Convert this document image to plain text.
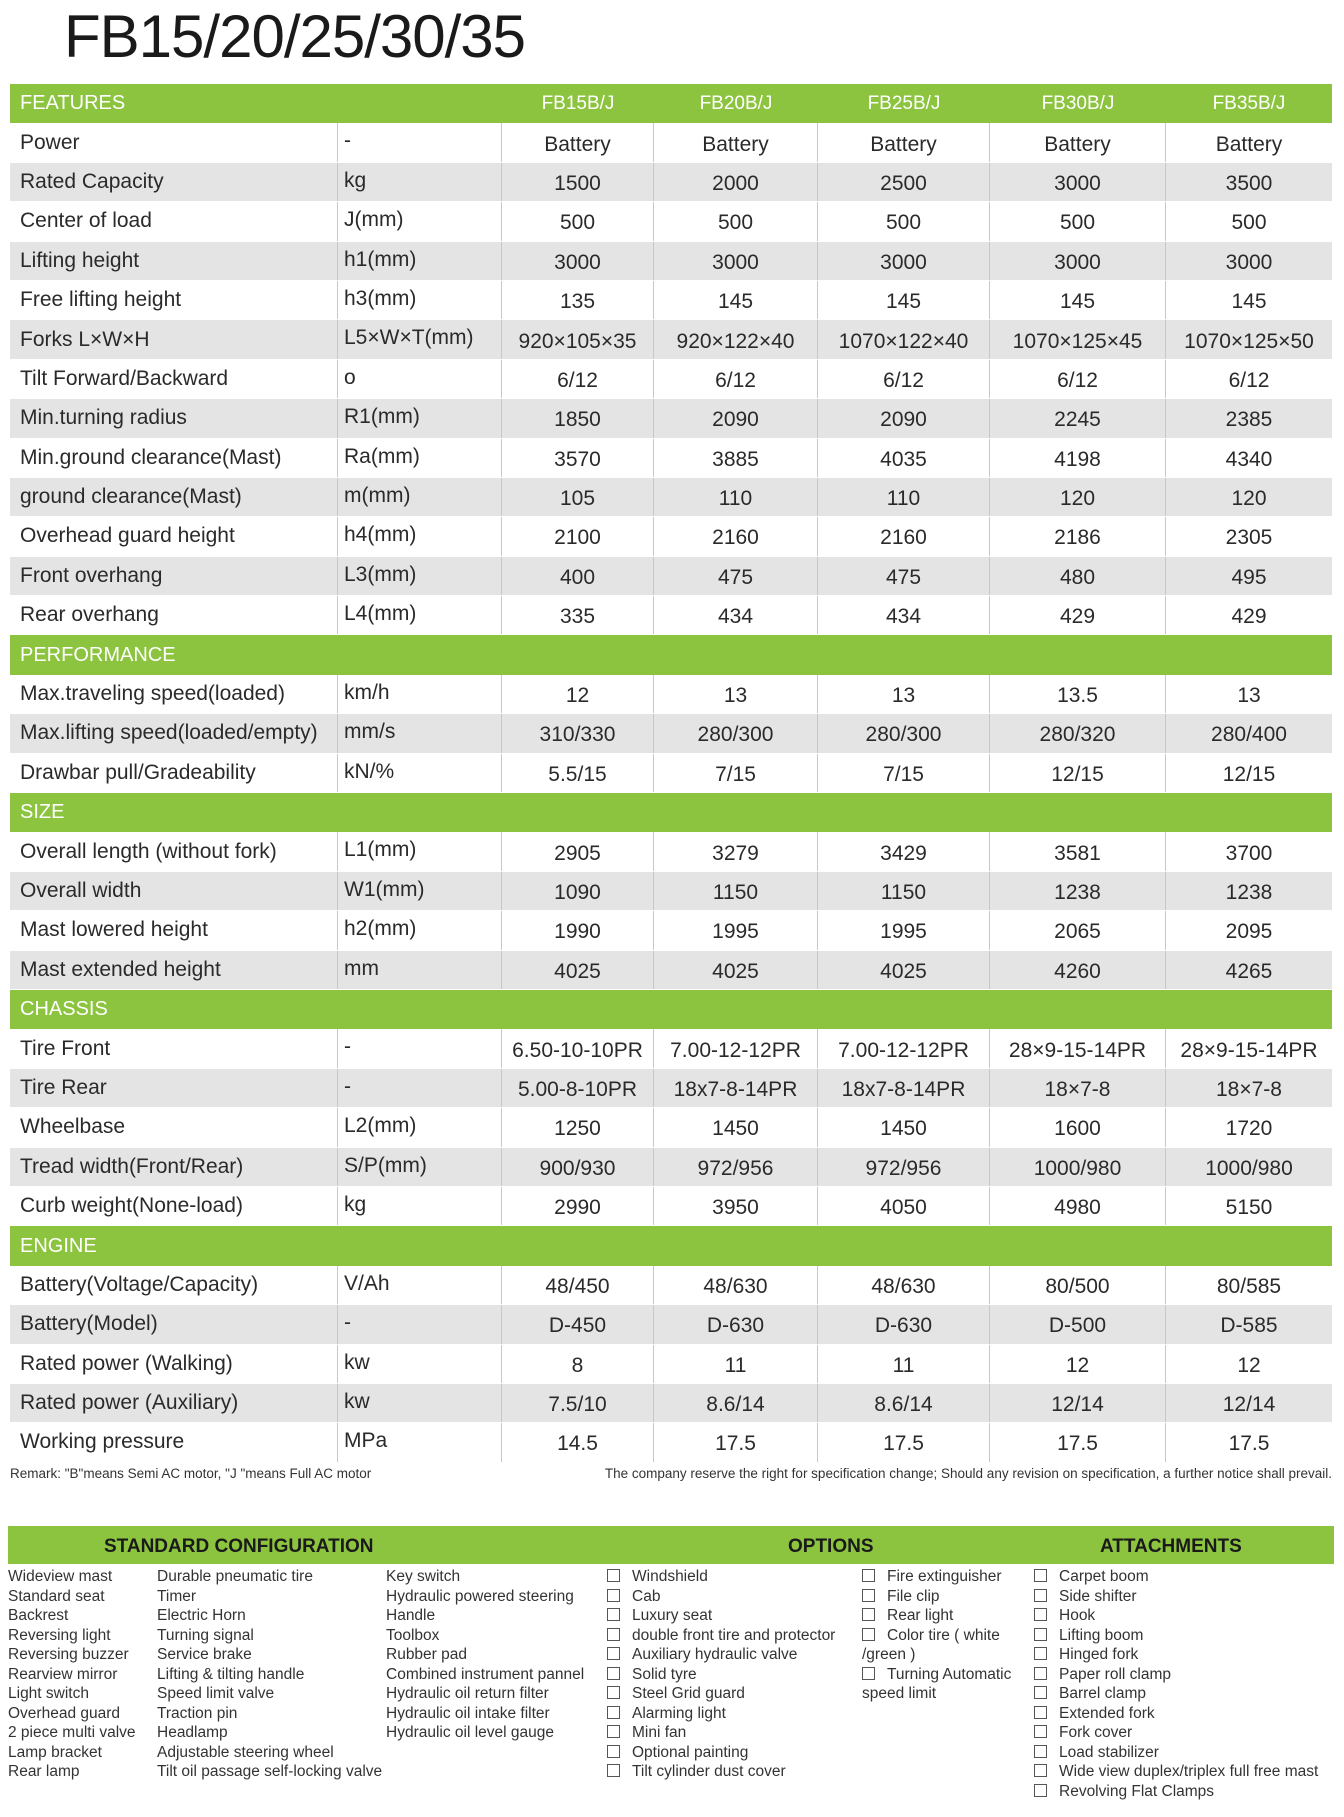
FB15/20/25/30/35
FEATURES	FB15B/J	FB20B/J	FB25B/J	FB30B/J	FB35B/J
Power	-	Battery	Battery	Battery	Battery	Battery
Rated Capacity	kg	1500	2000	2500	3000	3500
Center of load	J(mm)	500	500	500	500	500
Lifting height	h1(mm)	3000	3000	3000	3000	3000
Free lifting height	h3(mm)	135	145	145	145	145
Forks L×W×H	L5×W×T(mm)	920×105×35	920×122×40	1070×122×40	1070×125×45	1070×125×50
Tilt Forward/Backward	o	6/12	6/12	6/12	6/12	6/12
Min.turning radius	R1(mm)	1850	2090	2090	2245	2385
Min.ground clearance(Mast)	Ra(mm)	3570	3885	4035	4198	4340
ground clearance(Mast)	m(mm)	105	110	110	120	120
Overhead guard height	h4(mm)	2100	2160	2160	2186	2305
Front overhang	L3(mm)	400	475	475	480	495
Rear overhang	L4(mm)	335	434	434	429	429
PERFORMANCE
Max.traveling speed(loaded)	km/h	12	13	13	13.5	13
Max.lifting speed(loaded/empty)	mm/s	310/330	280/300	280/300	280/320	280/400
Drawbar pull/Gradeability	kN/%	5.5/15	7/15	7/15	12/15	12/15
SIZE
Overall length (without fork)	L1(mm)	2905	3279	3429	3581	3700
Overall width	W1(mm)	1090	1150	1150	1238	1238
Mast lowered height	h2(mm)	1990	1995	1995	2065	2095
Mast extended height	mm	4025	4025	4025	4260	4265
CHASSIS
Tire Front	-	6.50-10-10PR	7.00-12-12PR	7.00-12-12PR	28×9-15-14PR	28×9-15-14PR
Tire Rear	-	5.00-8-10PR	18x7-8-14PR	18x7-8-14PR	18×7-8	18×7-8
Wheelbase	L2(mm)	1250	1450	1450	1600	1720
Tread width(Front/Rear)	S/P(mm)	900/930	972/956	972/956	1000/980	1000/980
Curb weight(None-load)	kg	2990	3950	4050	4980	5150
ENGINE
Battery(Voltage/Capacity)	V/Ah	48/450	48/630	48/630	80/500	80/585
Battery(Model)	-	D-450	D-630	D-630	D-500	D-585
Rated power (Walking)	kw	8	11	11	12	12
Rated power (Auxiliary)	kw	7.5/10	8.6/14	8.6/14	12/14	12/14
Working pressure	MPa	14.5	17.5	17.5	17.5	17.5
Remark: "B"means Semi AC motor, "J "means Full AC motor	The company reserve the right for specification change; Should any revision on specification, a further notice shall prevail.
STANDARD CONFIGURATION	OPTIONS	ATTACHMENTS
Wideview mast
Standard seat
Backrest
Reversing light
Reversing buzzer
Rearview mirror
Light switch
Overhead guard
2 piece multi valve
Lamp bracket
Rear lamp
Durable pneumatic tire
Timer
Electric Horn
Turning signal
Service brake
Lifting & tilting handle
Speed limit valve
Traction pin
Headlamp
Adjustable steering wheel
Tilt oil passage self-locking valve
Key switch
Hydraulic powered steering
Handle
Toolbox
Rubber pad
Combined instrument pannel
Hydraulic oil return filter
Hydraulic oil intake filter
Hydraulic oil level gauge
Windshield
Cab
Luxury seat
double front tire and protector
Auxiliary hydraulic valve
Solid tyre
Steel Grid guard
Alarming light
Mini fan
Optional painting
Tilt cylinder dust cover
Fire extinguisher
File clip
Rear light
Color tire ( white
/green )
Turning Automatic
speed limit
Carpet boom
Side shifter
Hook
Lifting boom
Hinged fork
Paper roll clamp
Barrel clamp
Extended fork
Fork cover
Load stabilizer
Wide view duplex/triplex full free mast
Revolving Flat Clamps
